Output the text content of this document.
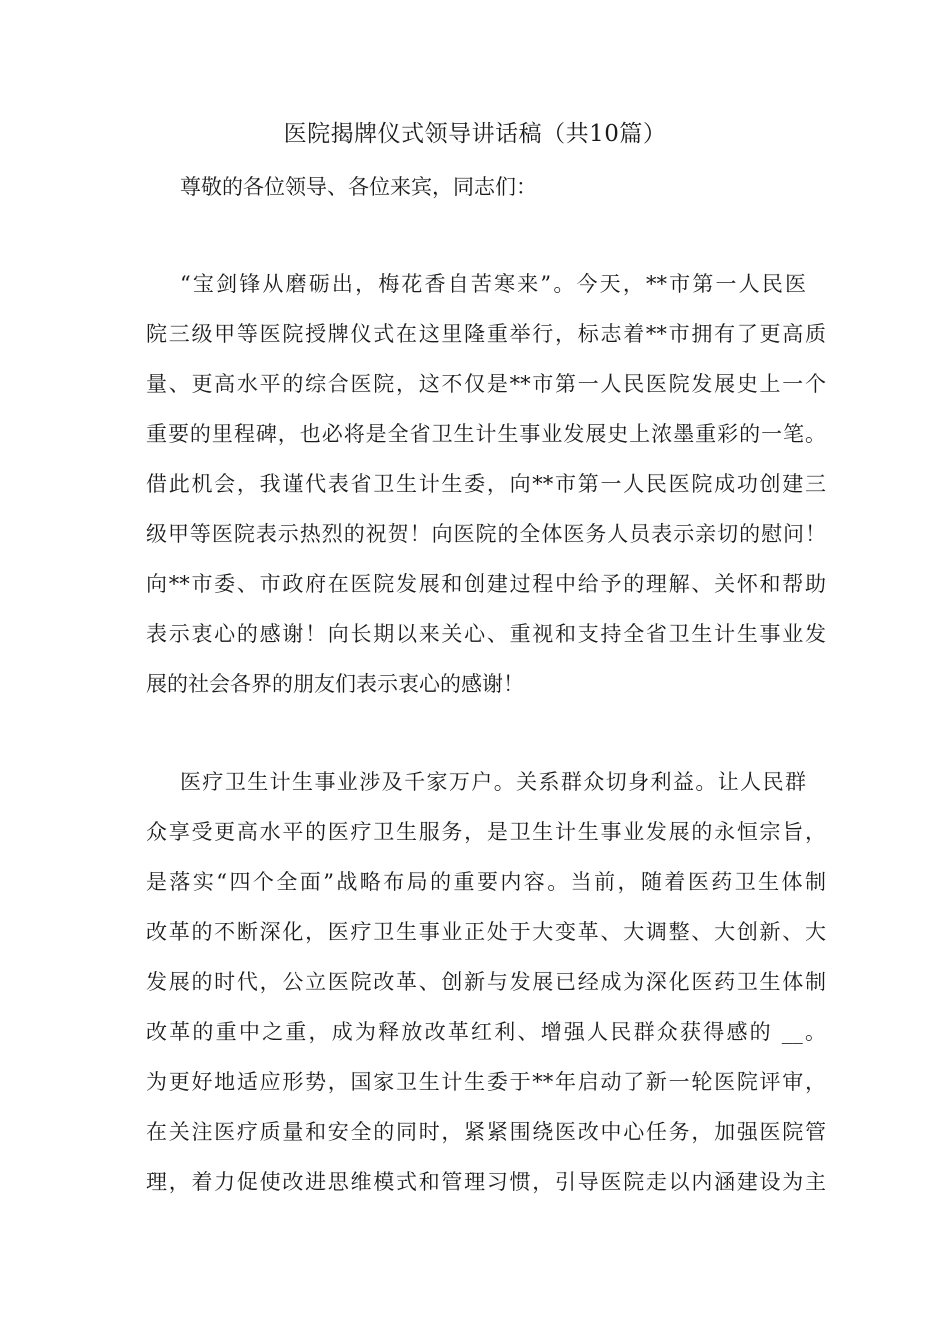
医院揭牌仪式领导讲话稿（共10篇）
尊敬的各位领导、各位来宾，同志们：
“宝剑锋从磨砺出，梅花香自苦寒来”。今天，**市第一人民医
院三级甲等医院授牌仪式在这里隆重举行，标志着**市拥有了更高质
量、更高水平的综合医院，这不仅是**市第一人民医院发展史上一个
重要的里程碑，也必将是全省卫生计生事业发展史上浓墨重彩的一笔。
借此机会，我谨代表省卫生计生委，向**市第一人民医院成功创建三
级甲等医院表示热烈的祝贺！向医院的全体医务人员表示亲切的慰问！
向**市委、市政府在医院发展和创建过程中给予的理解、关怀和帮助
表示衷心的感谢！向长期以来关心、重视和支持全省卫生计生事业发
展的社会各界的朋友们表示衷心的感谢！
医疗卫生计生事业涉及千家万户。关系群众切身利益。让人民群
众享受更高水平的医疗卫生服务，是卫生计生事业发展的永恒宗旨，
是落实“四个全面”战略布局的重要内容。当前，随着医药卫生体制
改革的不断深化，医疗卫生事业正处于大变革、大调整、大创新、大
发展的时代，公立医院改革、创新与发展已经成为深化医药卫生体制
改革的重中之重，成为释放改革红利、增强人民群众获得感的 __。
为更好地适应形势，国家卫生计生委于**年启动了新一轮医院评审，
在关注医疗质量和安全的同时，紧紧围绕医改中心任务，加强医院管
理，着力促使改进思维模式和管理习惯，引导医院走以内涵建设为主
